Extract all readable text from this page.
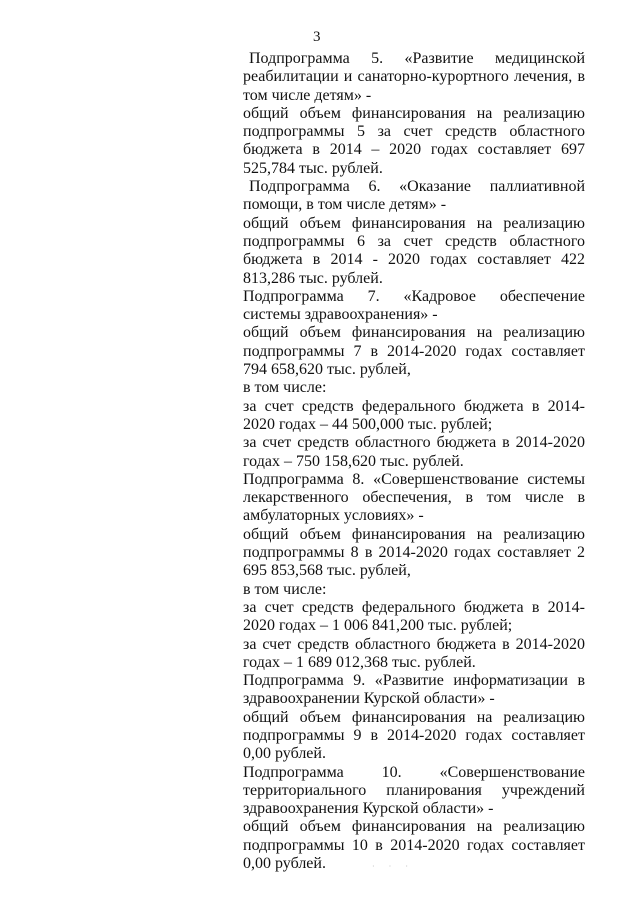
3

Подпрограмма 5. «Развитие медицинской реабилитации и санаторно-курортного лечения, в том числе детям» -

общий объем финансирования на реализацию подпрограммы 5 за счет средств областного бюджета в 2014 – 2020 годах составляет 697 525,784 тыс. рублей.

Подпрограмма 6. «Оказание паллиативной помощи, в том числе детям» -

общий объем финансирования на реализацию подпрограммы 6 за счет средств областного бюджета в 2014 - 2020 годах составляет 422 813,286 тыс. рублей.

Подпрограмма 7. «Кадровое обеспечение системы здравоохранения» -

общий объем финансирования на реализацию подпрограммы 7 в 2014-2020 годах составляет 794 658,620 тыс. рублей,

в том числе:

за счет средств федерального бюджета в 2014-2020 годах – 44 500,000 тыс. рублей;

за счет средств областного бюджета в 2014-2020 годах – 750 158,620 тыс. рублей.

Подпрограмма 8. «Совершенствование системы лекарственного обеспечения, в том числе в амбулаторных условиях» -

общий объем финансирования на реализацию подпрограммы 8 в 2014-2020 годах составляет 2 695 853,568 тыс. рублей,

в том числе:

за счет средств федерального бюджета в 2014-2020 годах – 1 006 841,200 тыс. рублей;

за счет средств областного бюджета в 2014-2020 годах – 1 689 012,368 тыс. рублей.

Подпрограмма 9. «Развитие информатизации в здравоохранении Курской области» -

общий объем финансирования на реализацию подпрограммы 9 в 2014-2020 годах составляет 0,00 рублей.

Подпрограмма 10. «Совершенствование территориального планирования учреждений здравоохранения Курской области» -

общий объем финансирования на реализацию подпрограммы 10 в 2014-2020 годах составляет 0,00 рублей.	· · ·
